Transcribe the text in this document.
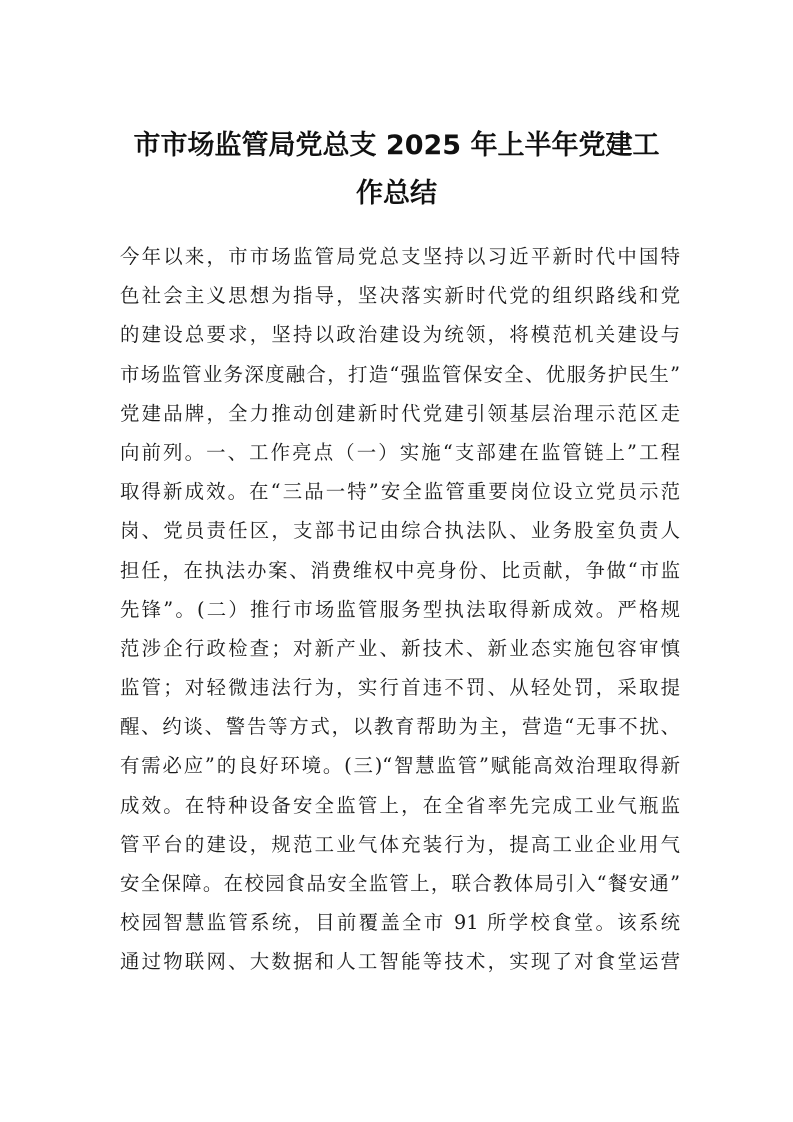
市市场监管局党总支 2025 年上半年党建工
作总结
今年以来，市市场监管局党总支坚持以习近平新时代中国特
色社会主义思想为指导，坚决落实新时代党的组织路线和党
的建设总要求，坚持以政治建设为统领，将模范机关建设与
市场监管业务深度融合，打造“强监管保安全、优服务护民生”
党建品牌，全力推动创建新时代党建引领基层治理示范区走
向前列。一、工作亮点（一）实施“支部建在监管链上”工程
取得新成效。在“三品一特”安全监管重要岗位设立党员示范
岗、党员责任区，支部书记由综合执法队、业务股室负责人
担任，在执法办案、消费维权中亮身份、比贡献，争做“市监
先锋”。(二）推行市场监管服务型执法取得新成效。严格规
范涉企行政检查；对新产业、新技术、新业态实施包容审慎
监管；对轻微违法行为，实行首违不罚、从轻处罚，采取提
醒、约谈、警告等方式，以教育帮助为主，营造“无事不扰、
有需必应”的良好环境。(三)“智慧监管”赋能高效治理取得新
成效。在特种设备安全监管上，在全省率先完成工业气瓶监
管平台的建设，规范工业气体充装行为，提高工业企业用气
安全保障。在校园食品安全监管上，联合教体局引入“餐安通”
校园智慧监管系统，目前覆盖全市 91 所学校食堂。该系统
通过物联网、大数据和人工智能等技术，实现了对食堂运营
